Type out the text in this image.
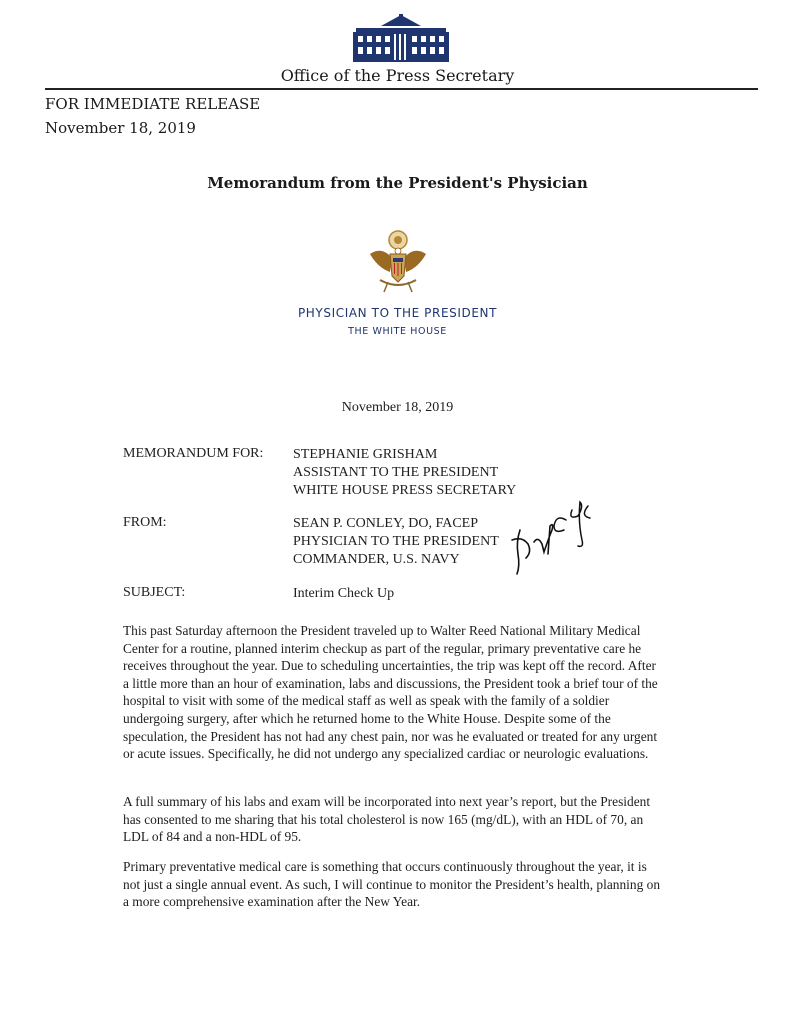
Office of the Press Secretary
FOR IMMEDIATE RELEASE
November 18, 2019
Memorandum from the President's Physician
PHYSICIAN TO THE PRESIDENT
THE WHITE HOUSE
November 18, 2019
MEMORANDUM FOR: STEPHANIE GRISHAM
ASSISTANT TO THE PRESIDENT
WHITE HOUSE PRESS SECRETARY
FROM:	SEAN P. CONLEY, DO, FACEP
PHYSICIAN TO THE PRESIDENT
COMMANDER, U.S. NAVY
SUBJECT:	Interim Check Up
This past Saturday afternoon the President traveled up to Walter Reed National Military Medical Center for a routine, planned interim checkup as part of the regular, primary preventative care he receives throughout the year. Due to scheduling uncertainties, the trip was kept off the record. After a little more than an hour of examination, labs and discussions, the President took a brief tour of the hospital to visit with some of the medical staff as well as speak with the family of a soldier undergoing surgery, after which he returned home to the White House. Despite some of the speculation, the President has not had any chest pain, nor was he evaluated or treated for any urgent or acute issues. Specifically, he did not undergo any specialized cardiac or neurologic evaluations.
A full summary of his labs and exam will be incorporated into next year’s report, but the President has consented to me sharing that his total cholesterol is now 165 (mg/dL), with an HDL of 70, an LDL of 84 and a non-HDL of 95.
Primary preventative medical care is something that occurs continuously throughout the year, it is not just a single annual event. As such, I will continue to monitor the President’s health, planning on a more comprehensive examination after the New Year.
